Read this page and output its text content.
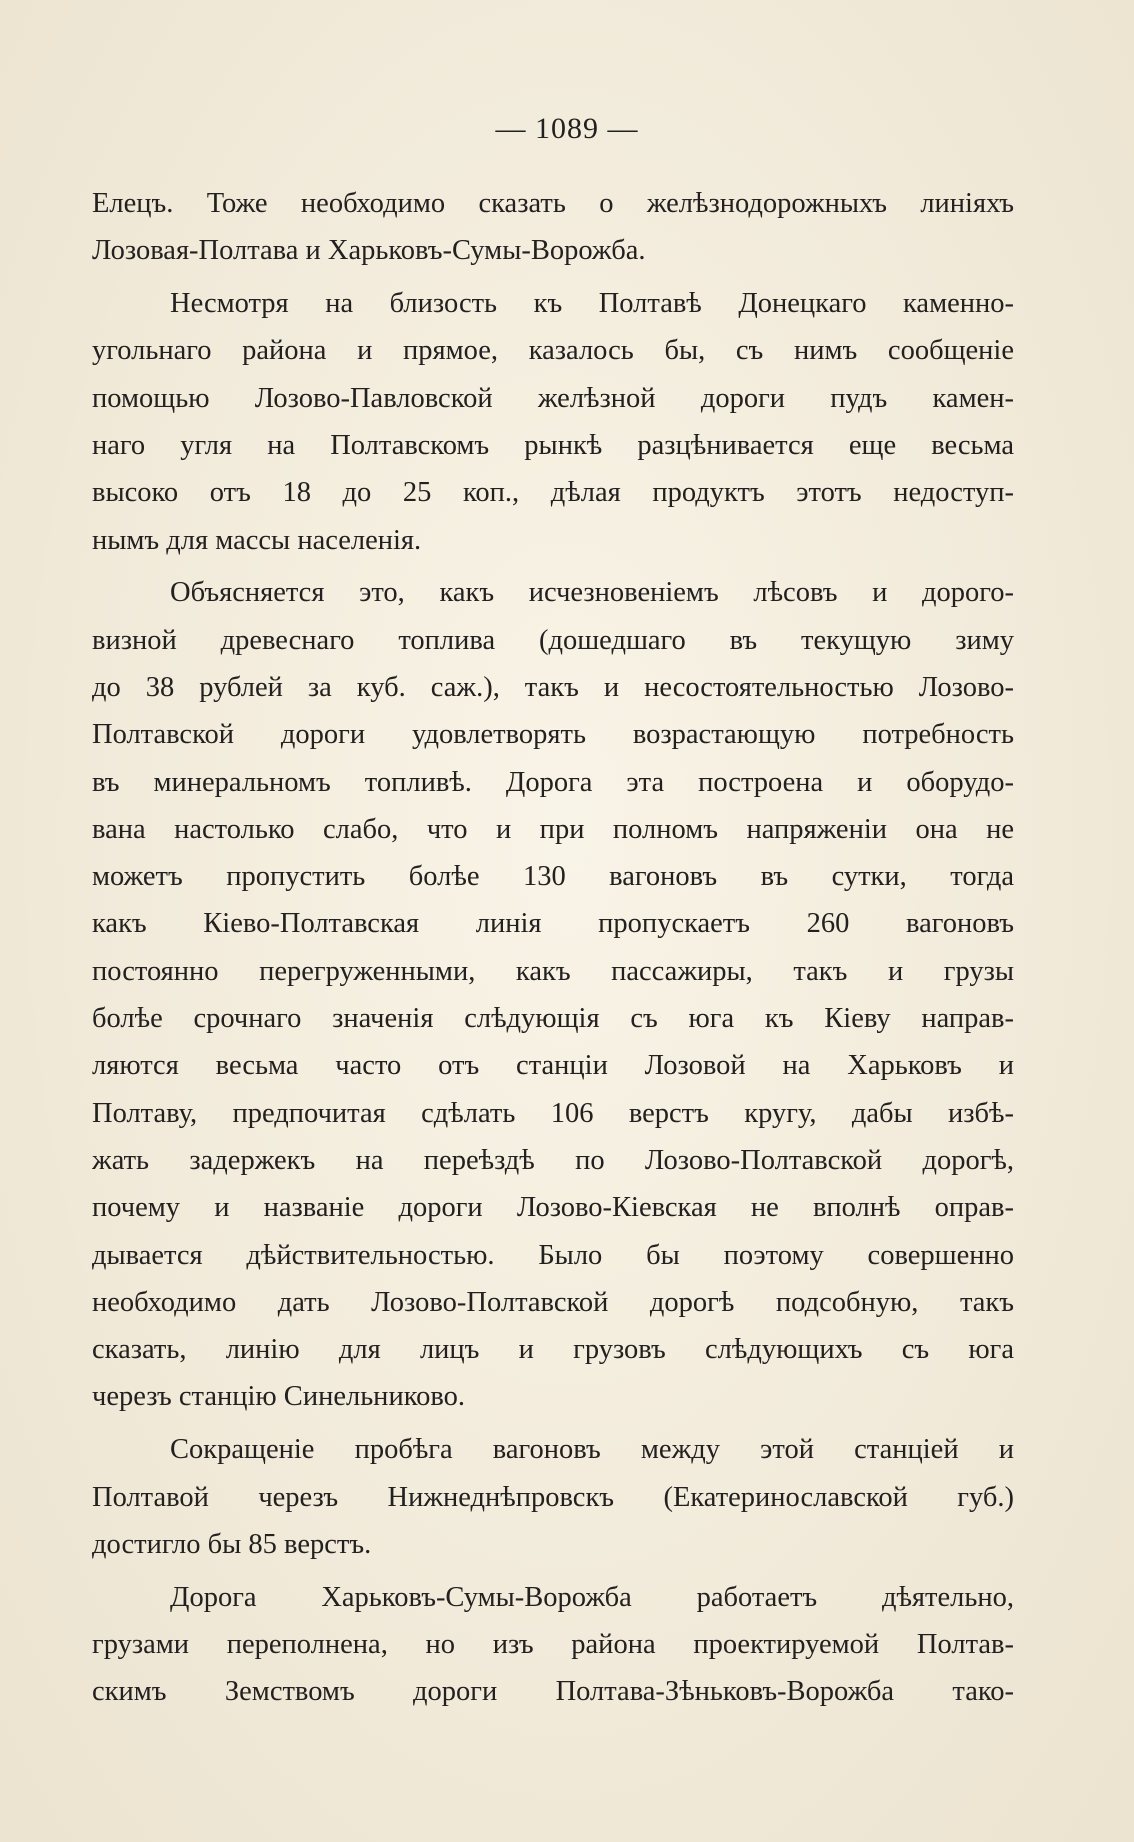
— 1089 —
Елецъ. Тоже необходимо сказать о желѣзнодорожныхъ линіяхъ
Лозовая-Полтава и Харьковъ-Сумы-Ворожба.
Несмотря на близость къ Полтавѣ Донецкаго каменно-
угольнаго района и прямое, казалось бы, съ нимъ сообщеніе
помощью Лозово-Павловской желѣзной дороги пудъ камен-
наго угля на Полтавскомъ рынкѣ разцѣнивается еще весьма
высоко отъ 18 до 25 коп., дѣлая продуктъ этотъ недоступ-
нымъ для массы населенія.
Объясняется это, какъ исчезновеніемъ лѣсовъ и дорого-
визной древеснаго топлива (дошедшаго въ текущую зиму
до 38 рублей за куб. саж.), такъ и несостоятельностью Лозово-
Полтавской дороги удовлетворять возрастающую потребность
въ минеральномъ топливѣ. Дорога эта построена и оборудо-
вана настолько слабо, что и при полномъ напряженіи она не
можетъ пропустить болѣе 130 вагоновъ въ сутки, тогда
какъ Кіево-Полтавская линія пропускаетъ 260 вагоновъ
постоянно перегруженными, какъ пассажиры, такъ и грузы
болѣе срочнаго значенія слѣдующія съ юга къ Кіеву направ-
ляются весьма часто отъ станціи Лозовой на Харьковъ и
Полтаву, предпочитая сдѣлать 106 верстъ кругу, дабы избѣ-
жать задержекъ на переѣздѣ по Лозово-Полтавской дорогѣ,
почему и названіе дороги Лозово-Кіевская не вполнѣ оправ-
дывается дѣйствительностью. Было бы поэтому совершенно
необходимо дать Лозово-Полтавской дорогѣ подсобную, такъ
сказать, линію для лицъ и грузовъ слѣдующихъ съ юга
черезъ станцію Синельниково.
Сокращеніе пробѣга вагоновъ между этой станціей и
Полтавой черезъ Нижнеднѣпровскъ (Екатеринославской губ.)
достигло бы 85 верстъ.
Дорога Харьковъ-Сумы-Ворожба работаетъ дѣятельно,
грузами переполнена, но изъ района проектируемой Полтав-
скимъ Земствомъ дороги Полтава-Зѣньковъ-Ворожба тако-
